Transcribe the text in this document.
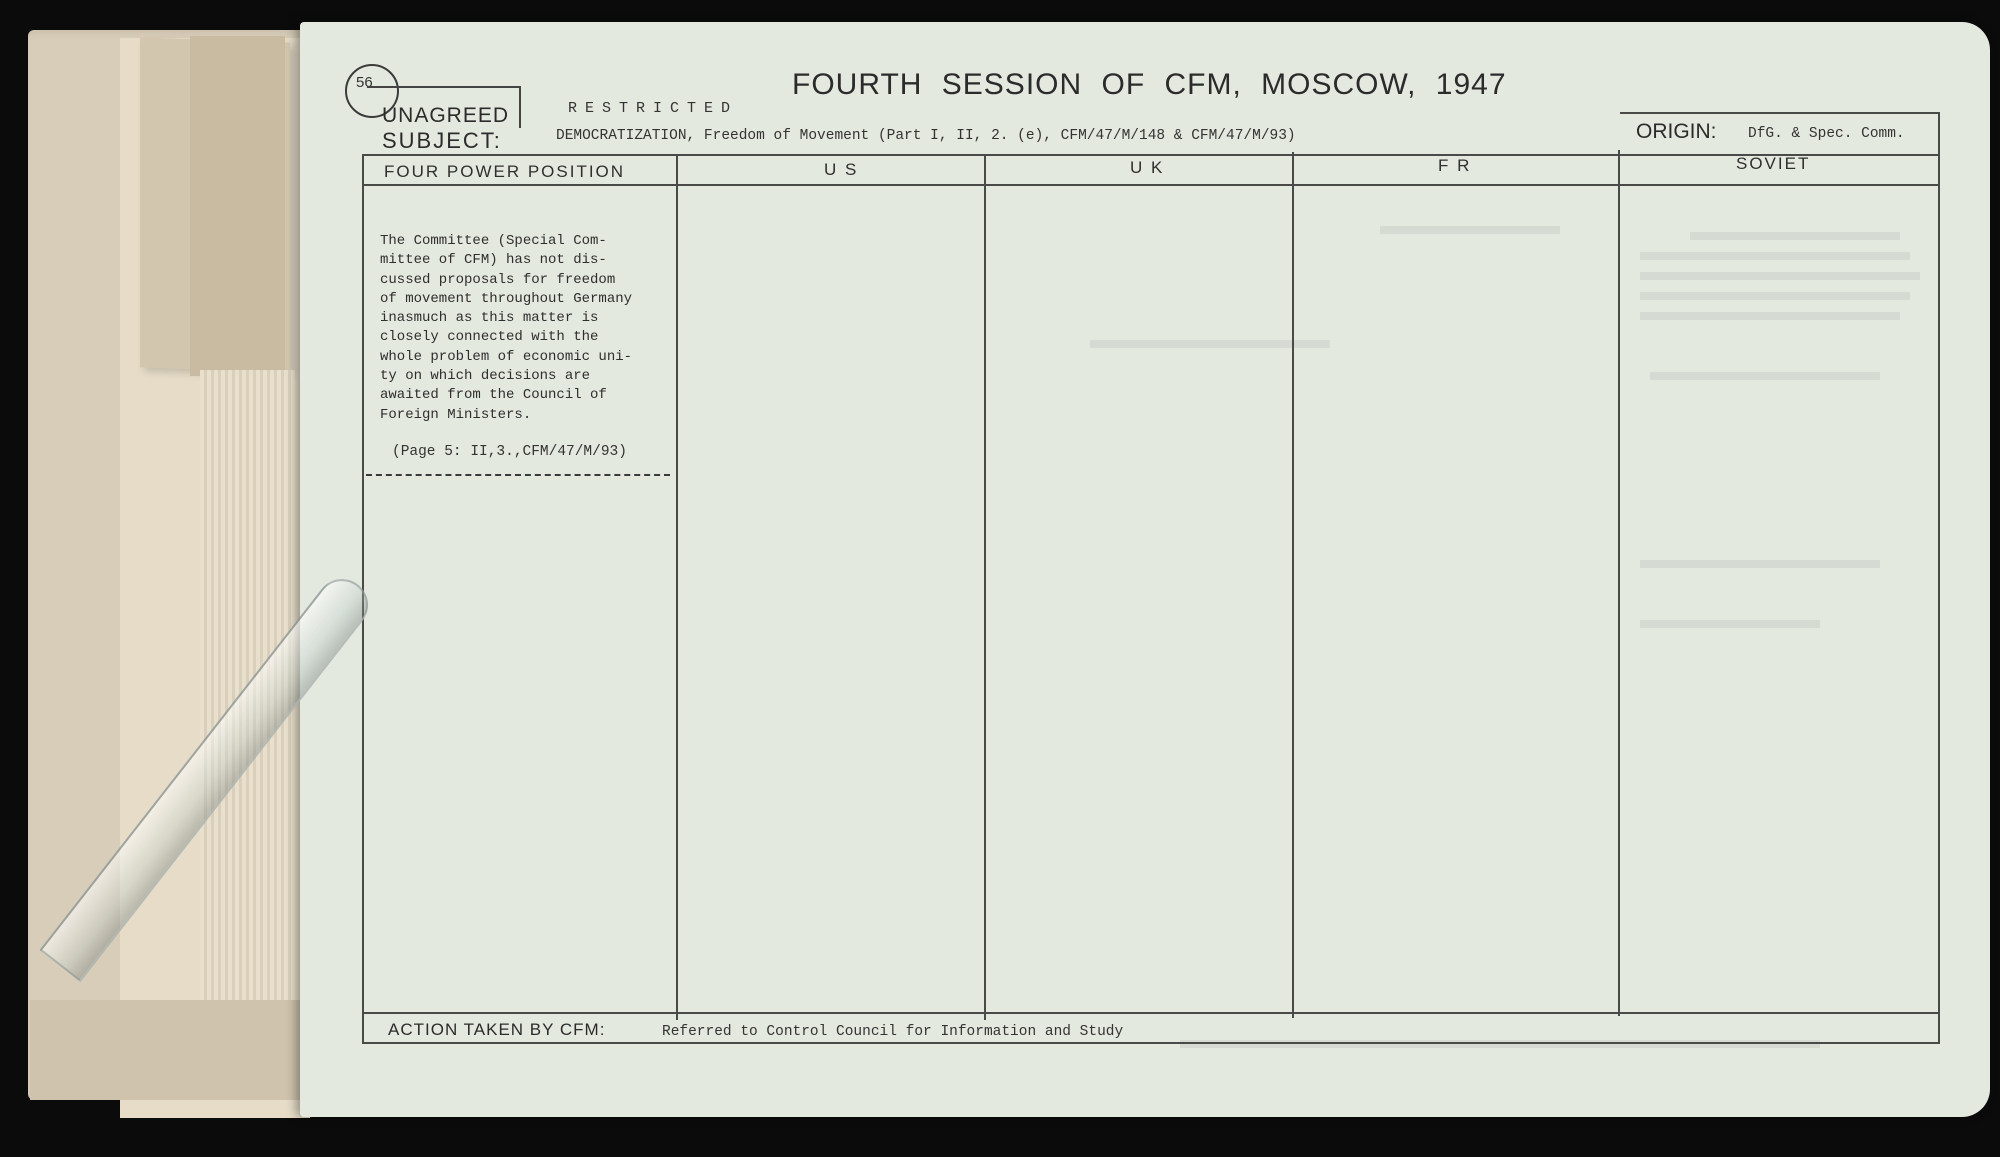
56
UNAGREED	RESTRICTED
FOURTH SESSION OF CFM, MOSCOW, 1947
SUBJECT:	DEMOCRATIZATION, Freedom of Movement (Part I, II, 2. (e), CFM/47/M/148 & CFM/47/M/93)	ORIGIN: DfG. & Spec. Comm.
FOUR POWER POSITION	U S	U K	F R	SOVIET
The Committee (Special Com-
mittee of CFM) has not dis-
cussed proposals for freedom
of movement throughout Germany
inasmuch as this matter is
closely connected with the
whole problem of economic uni-
ty on which decisions are
awaited from the Council of
Foreign Ministers.
(Page 5: II,3.,CFM/47/M/93)
ACTION TAKEN BY CFM:	Referred to Control Council for Information and Study
